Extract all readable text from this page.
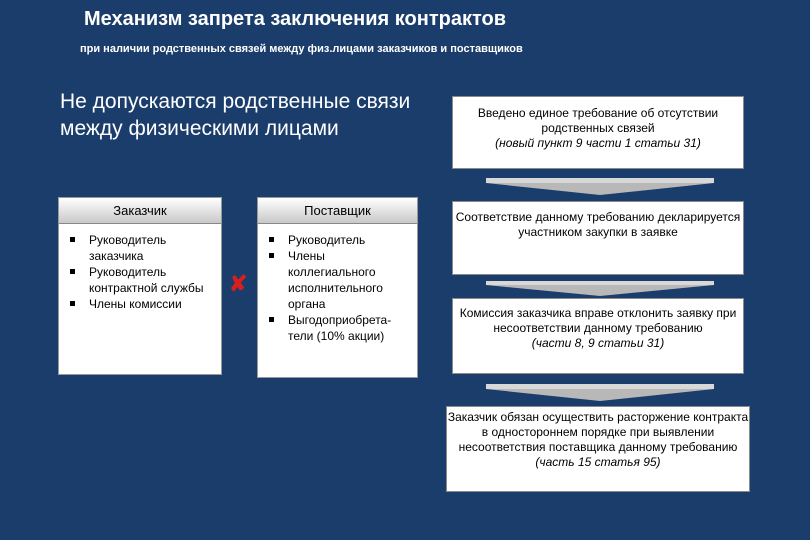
Механизм запрета заключения контрактов
при наличии родственных связей между физ.лицами заказчиков и поставщиков
Не допускаются родственные связи между физическими лицами
Заказчик
Руководитель заказчика
Руководитель контрактной службы
Члены комиссии
✘
Поставщик
Руководитель
Члены коллегиального исполнительного органа
Выгодоприобрета-тели (10% акции)
Введено единое требование об отсутствии родственных связей
(новый пункт 9 части 1 статьи 31)
Соответствие данному требованию декларируется участником закупки в заявке
Комиссия заказчика вправе отклонить заявку при несоответствии данному требованию
(части 8, 9 статьи 31)
Заказчик обязан осуществить расторжение контракта в одностороннем порядке при выявлении несоответствия поставщика данному требованию
(часть 15 статья 95)
